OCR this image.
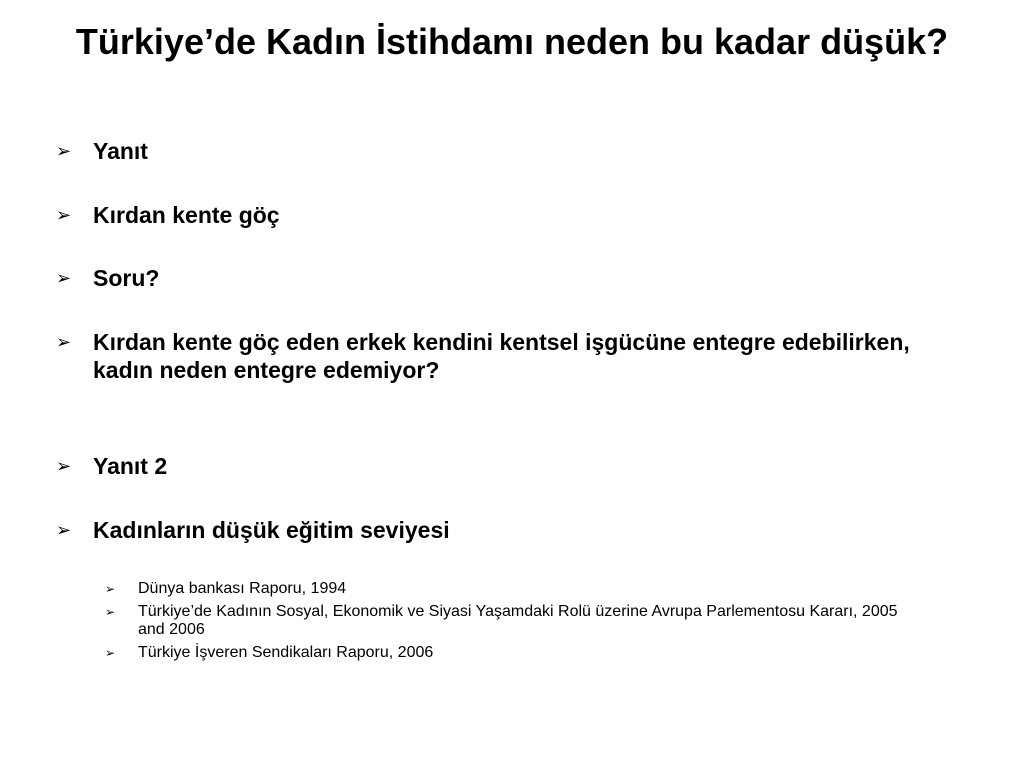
Türkiye’de Kadın İstihdamı neden bu kadar düşük?
➢ Yanıt
➢ Kırdan kente göç
➢ Soru?
➢ Kırdan kente göç eden erkek kendini kentsel işgücüne entegre edebilirken, kadın neden entegre edemiyor?
➢ Yanıt 2
➢ Kadınların düşük eğitim seviyesi
➢	Dünya bankası Raporu, 1994
➢	Türkiye’de Kadının Sosyal, Ekonomik ve Siyasi Yaşamdaki Rolü üzerine Avrupa Parlementosu Kararı, 2005 and 2006
➢	Türkiye İşveren Sendikaları Raporu, 2006
